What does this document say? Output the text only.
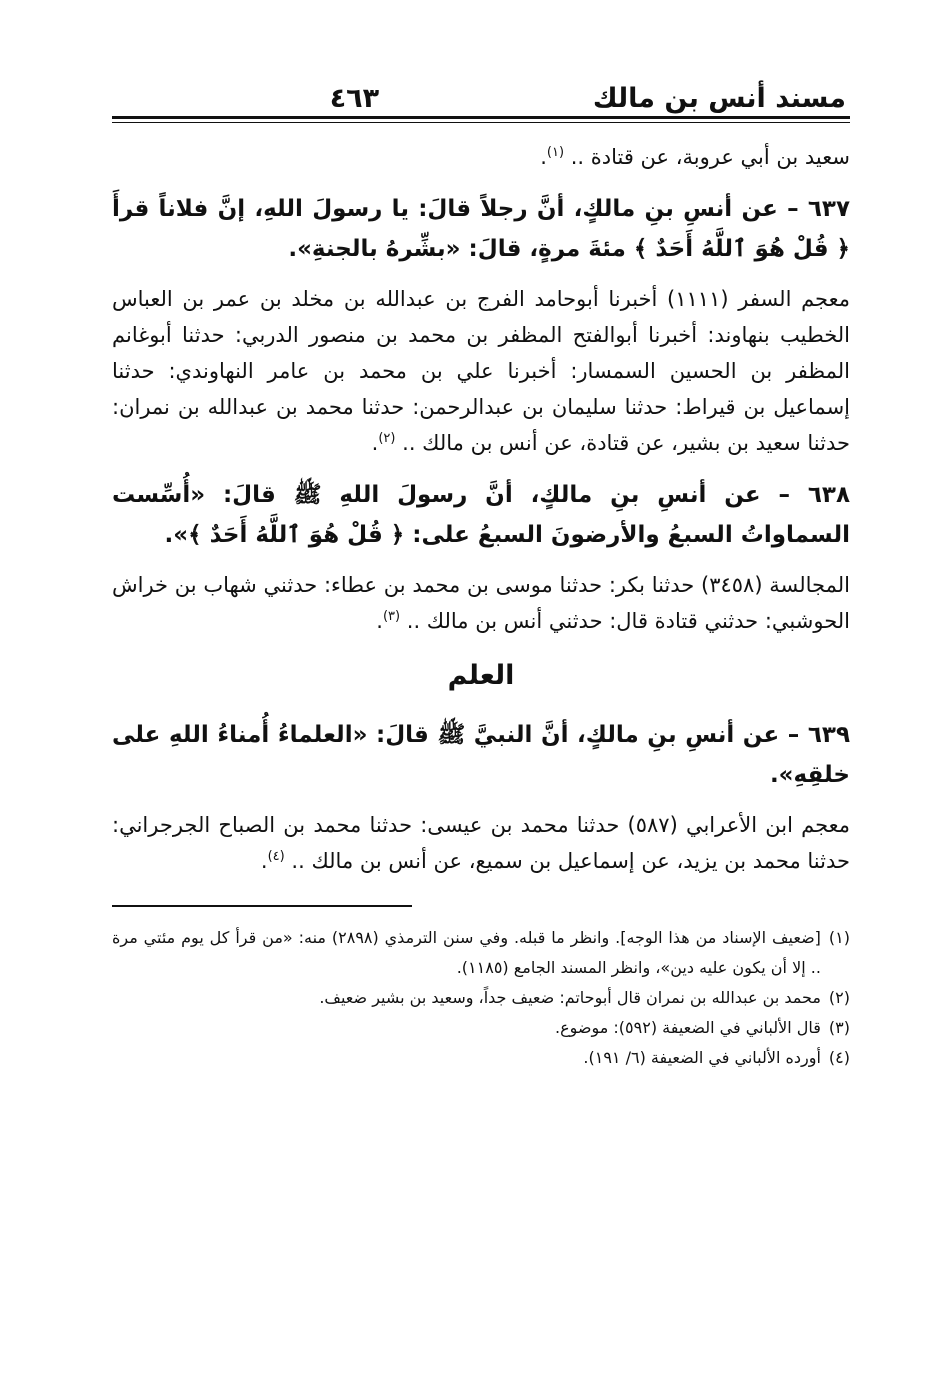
مسند أنس بن مالك
٤٦٣

سعيد بن أبي عروبة، عن قتادة .. $^{(١)}$.

٦٣٧ – عن أنسِ بنِ مالكٍ، أنَّ رجلاً قالَ: يا رسولَ اللهِ، إنَّ فلاناً قرأَ ﴿ قُلْ هُوَ ٱللَّهُ أَحَدٌ ﴾ مئةَ مرةٍ، قالَ: «بشِّرهُ بالجنةِ».

معجم السفر (١١١١) أخبرنا أبوحامد الفرج بن عبدالله بن مخلد بن عمر بن العباس الخطيب بنهاوند: أخبرنا أبوالفتح المظفر بن محمد بن منصور الدربي: حدثنا أبوغانم المظفر بن الحسين السمسار: أخبرنا علي بن محمد بن عامر النهاوندي: حدثنا إسماعيل بن قيراط: حدثنا سليمان بن عبدالرحمن: حدثنا محمد بن عبدالله بن نمران: حدثنا سعيد بن بشير، عن قتادة، عن أنس بن مالك .. $^{(٢)}$.

٦٣٨ – عن أنسِ بنِ مالكٍ، أنَّ رسولَ اللهِ ﷺ قالَ: «أُسِّست السماواتُ السبعُ والأرضونَ السبعُ على: ﴿ قُلْ هُوَ ٱللَّهُ أَحَدٌ ﴾».

المجالسة (٣٤٥٨) حدثنا بكر: حدثنا موسى بن محمد بن عطاء: حدثني شهاب بن خراش الحوشبي: حدثني قتادة قال: حدثني أنس بن مالك .. $^{(٣)}$.

العلم

٦٣٩ – عن أنسِ بنِ مالكٍ، أنَّ النبيَّ ﷺ قالَ: «العلماءُ أُمناءُ اللهِ على خلقِهِ».

معجم ابن الأعرابي (٥٨٧) حدثنا محمد بن عيسى: حدثنا محمد بن الصباح الجرجراني: حدثنا محمد بن يزيد، عن إسماعيل بن سميع، عن أنس بن مالك .. $^{(٤)}$.

(١)
[ضعيف الإسناد من هذا الوجه]. وانظر ما قبله. وفي سنن الترمذي (٢٨٩٨) منه: «من قرأ كل يوم مئتي مرة .. إلا أن يكون عليه دين»، وانظر المسند الجامع (١١٨٥).
(٢)
محمد بن عبدالله بن نمران قال أبوحاتم: ضعيف جداً، وسعيد بن بشير ضعيف.
(٣)
قال الألباني في الضعيفة (٥٩٢): موضوع.
(٤)
أورده الألباني في الضعيفة (٦/ ١٩١).
